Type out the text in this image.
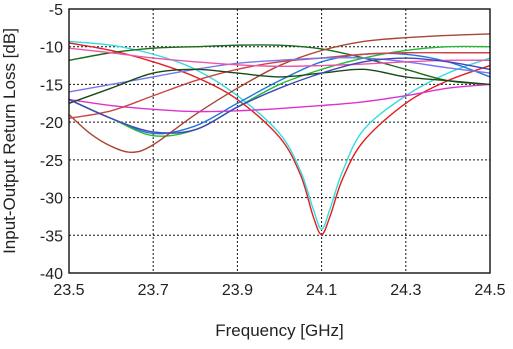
23.5	23.7	23.9	24.1	24.3	24.5
-5
-10
-15
-20
-25
-30
-35
-40
Frequency [GHz]
Input-Output Return Loss [dB]
